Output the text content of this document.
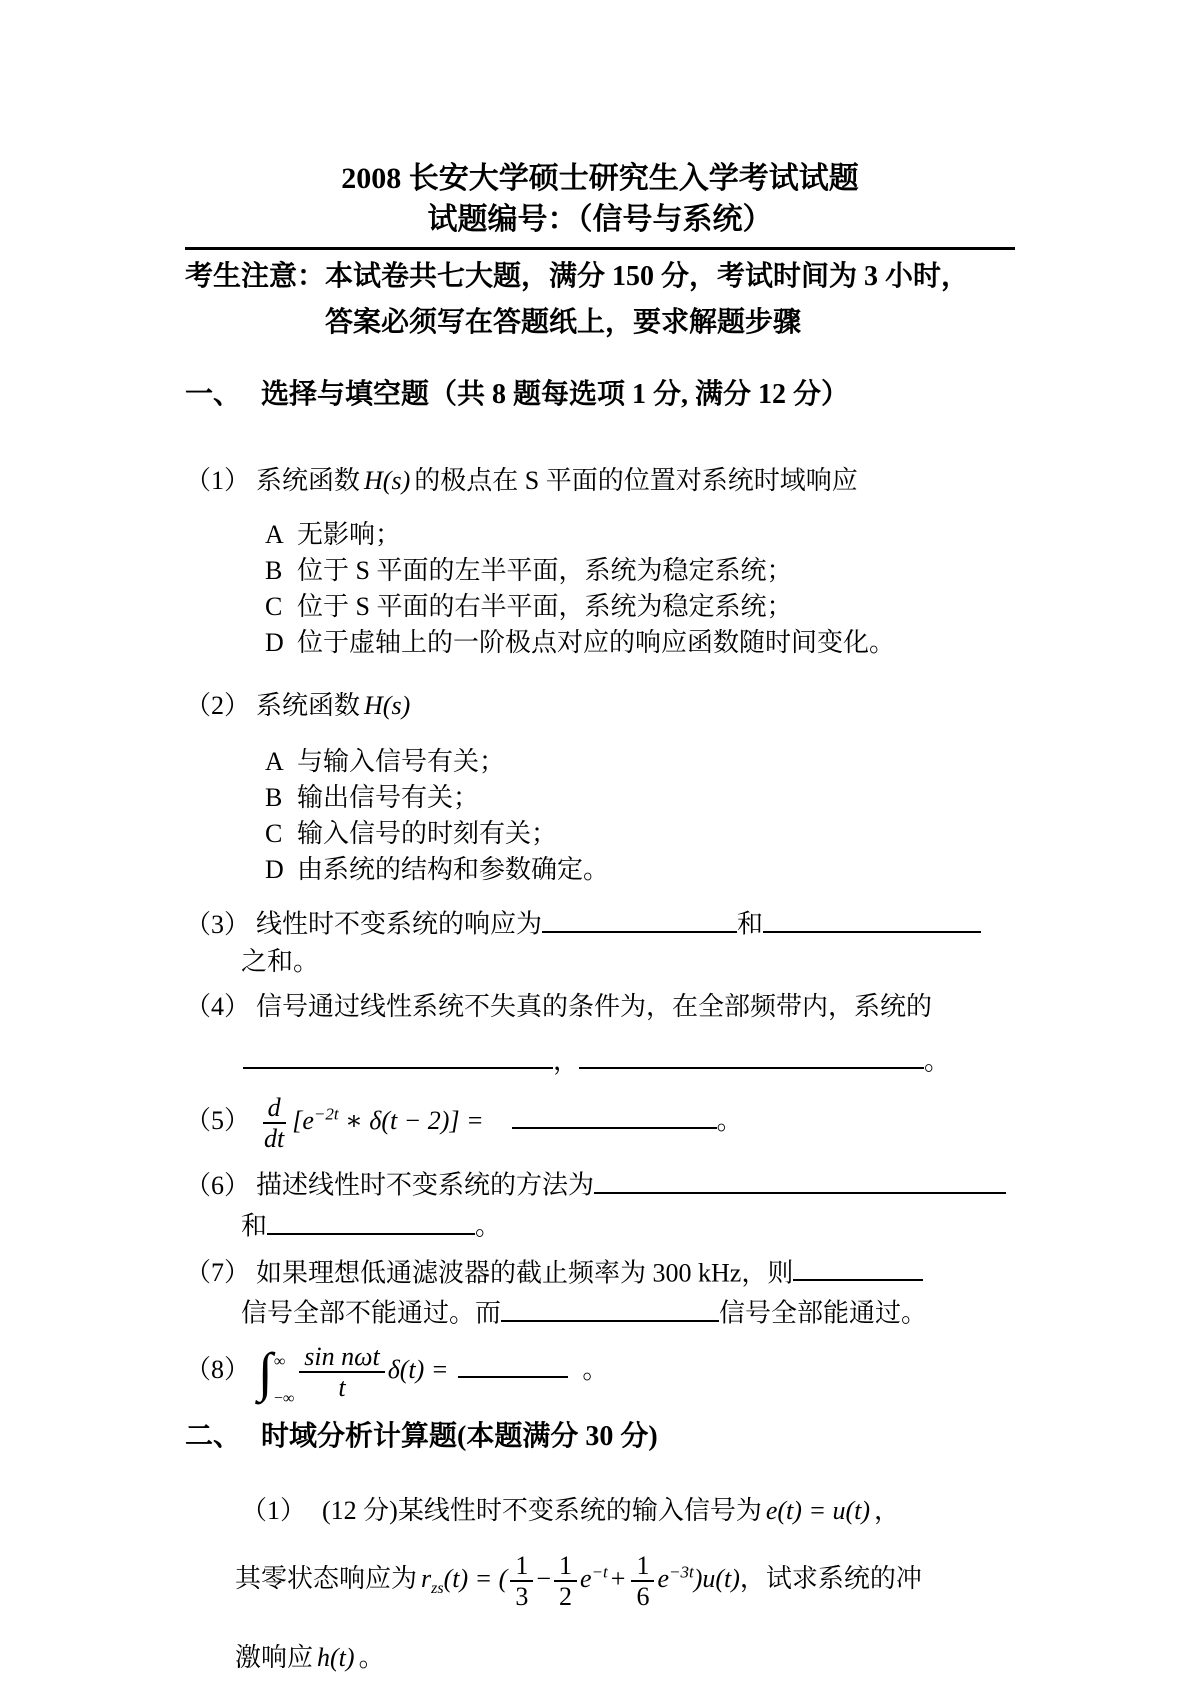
2008 长安大学硕士研究生入学考试试题
试题编号：（信号与系统）
考生注意：本试卷共七大题，满分 150 分，考试时间为 3 小时，
答案必须写在答题纸上，要求解题步骤
一、 选择与填空题（共 8 题每选项 1 分, 满分 12 分）
（1） 系统函数 H(s) 的极点在 S 平面的位置对系统时域响应
A 无影响；
B 位于 S 平面的左半平面，系统为稳定系统；
C 位于 S 平面的右半平面，系统为稳定系统；
D 位于虚轴上的一阶极点对应的响应函数随时间变化。
（2） 系统函数 H(s)
A 与输入信号有关；
B 输出信号有关；
C 输入信号的时刻有关；
D 由系统的结构和参数确定。
（3） 线性时不变系统的响应为	和
之和。
（4） 信号通过线性系统不失真的条件为，在全部频带内，系统的
，	。
$(5) \frac{d}{dt} [e^{-2t}$ ∗ δ(t − 2)] =	。
（6） 描述线性时不变系统的方法为
和	。
（7） 如果理想低通滤波器的截止频率为 300 kHz，则
信号全部不能通过。而	信号全部能通过。
（8） ∫ ∞
−∞ $\frac{\text{sin nωt}}{t} \delta(t)$ =	。
二、 时域分析计算题(本题满分 30 分)
（1） (12 分)某线性时不变系统的输入信号为 e(t) = u(t) ，
其零状态响应为 $r_{zs}(t)$ = ( $\frac{1}{3} - \frac{1}{2} e^{-t} + \frac{1}{6} e^{-3t})u(t)$，试求系统的冲
激响应 h(t) 。
